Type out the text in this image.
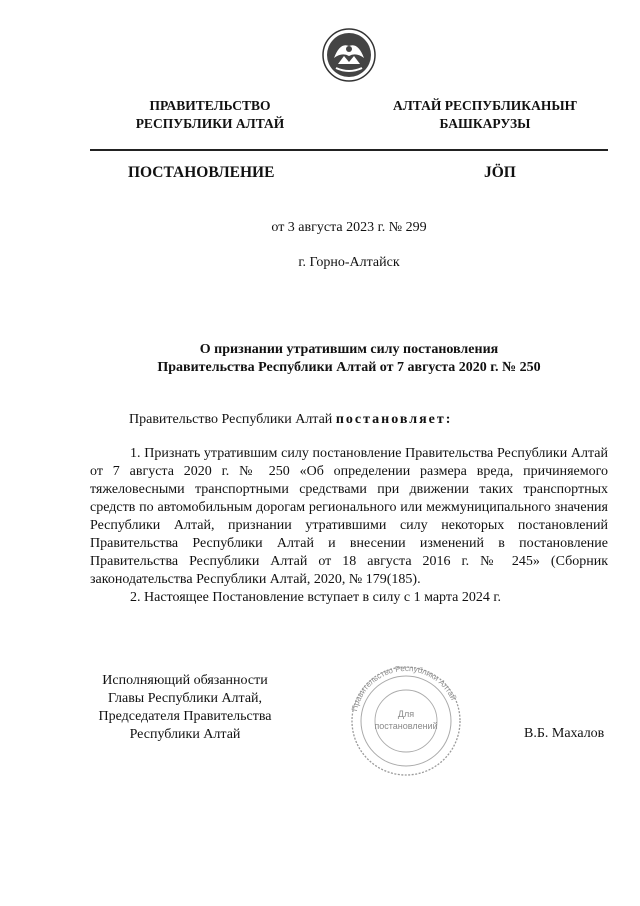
ПРАВИТЕЛЬСТВО
РЕСПУБЛИКИ АЛТАЙ
АЛТАЙ РЕСПУБЛИКАНЫҤ
БАШКАРУЗЫ
ПОСТАНОВЛЕНИЕ	JÖП
от 3 августа 2023 г. № 299
г. Горно-Алтайск
О признании утратившим силу постановления
Правительства Республики Алтай от 7 августа 2020 г. № 250
Правительство Республики Алтай постановляет:

1. Признать утратившим силу постановление Правительства Республики Алтай от 7 августа 2020 г. № 250 «Об определении размера вреда, причиняемого тяжеловесными транспортными средствами при движении таких транспортных средств по автомобильным дорогам регионального или межмуниципального значения Республики Алтай, признании утратившими силу некоторых постановлений Правительства Республики Алтай и внесении изменений в постановление Правительства Республики Алтай от 18 августа 2016 г. № 245» (Сборник законодательства Республики Алтай, 2020, № 179(185).

2. Настоящее Постановление вступает в силу с 1 марта 2024 г.

Исполняющий обязанности
Главы Республики Алтай,
Председателя Правительства
Республики Алтай
Правительство Республики Алтай
Для
постановлений	В.Б. Махалов
